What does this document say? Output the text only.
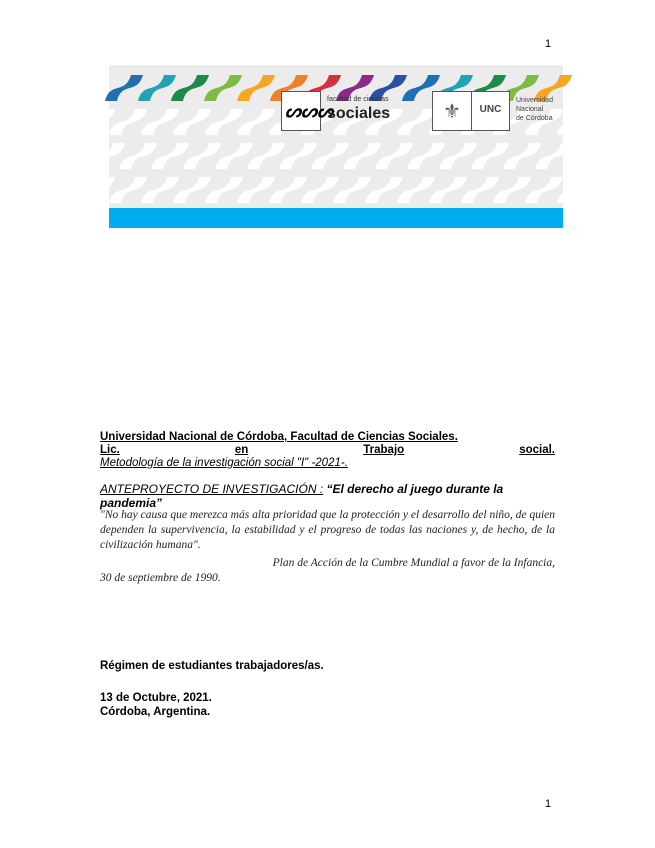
1
ᔕᔕᔕ
facultad de ciencias
sociales	⚜	UNC
Universidad
Nacional
de Córdoba
Universidad Nacional de Córdoba, Facultad de Ciencias Sociales.
Lic.	en	Trabajo	social.
Metodología de la investigación social "I" -2021-.
ANTEPROYECTO DE INVESTIGACIÓN : “El derecho al juego durante la pandemia”
"No hay causa que merezca más alta prioridad que la protección y el desarrollo del niño, de quien dependen la supervivencia, la estabilidad y el progreso de todas las naciones y, de hecho, de la civilización humana".
Plan de Acción de la Cumbre Mundial a favor de la Infancia,
30 de septiembre de 1990.
Régimen de estudiantes trabajadores/as.
13 de Octubre, 2021.
Córdoba, Argentina.
1
